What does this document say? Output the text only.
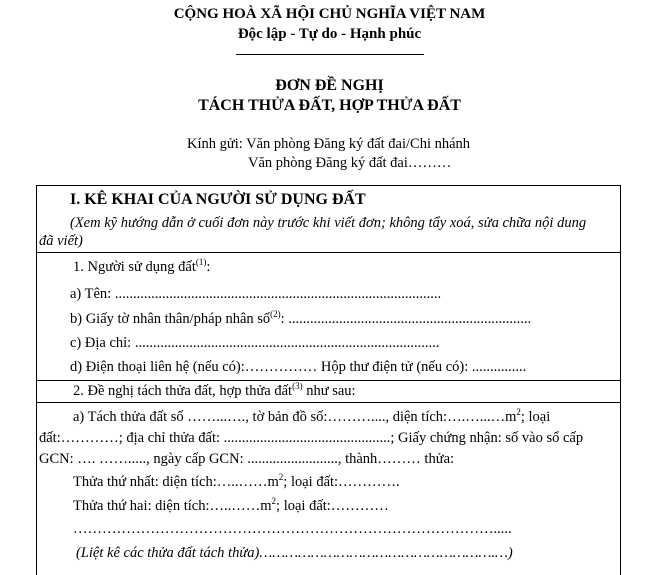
CỘNG HOÀ XÃ HỘI CHỦ NGHĨA VIỆT NAM
Độc lập - Tự do - Hạnh phúc
ĐƠN ĐỀ NGHỊ
TÁCH THỬA ĐẤT, HỢP THỬA ĐẤT
Kính gửi: Văn phòng Đăng ký đất đai/Chi nhánh
Văn phòng Đăng ký đất đai………
I. KÊ KHAI CỦA NGƯỜI SỬ DỤNG ĐẤT
(Xem kỹ hướng dẫn ở cuối đơn này trước khi viết đơn; không tẩy xoá, sửa chữa nội dung
đã viết)
1. Người sử dụng đất$^{(1)}$:
a) Tên: ..........................................................................................
b) Giấy tờ nhân thân/pháp nhân số$^{(2)}$: ...................................................................
c) Địa chỉ: ....................................................................................
d) Điện thoại liên hệ (nếu có):…………… Hộp thư điện tử (nếu có): ...............
2. Đề nghị tách thửa đất, hợp thửa đất$^{(3)}$ như sau:
a) Tách thửa đất số ……...…., tờ bản đồ số:………...., diện $tích:\dots.\dots...\dots m^2$; loại
đất:…………; địa chỉ thửa đất: ..............................................; Giấy chứng nhận: số vào sổ cấp
GCN: …. ……....., ngày cấp GCN: ........................., thành……… thửa:
Thửa thứ nhất: diện $tích:\dots..\dots\dots m^2$; loại đất:………….
Thửa thứ hai: diện $tích:\dots..\dots\dots m^2$; loại đất:…………
…………………………………………………………………………….....
(Liệt kê các thửa đất tách thửa)……………………………………………….…)
